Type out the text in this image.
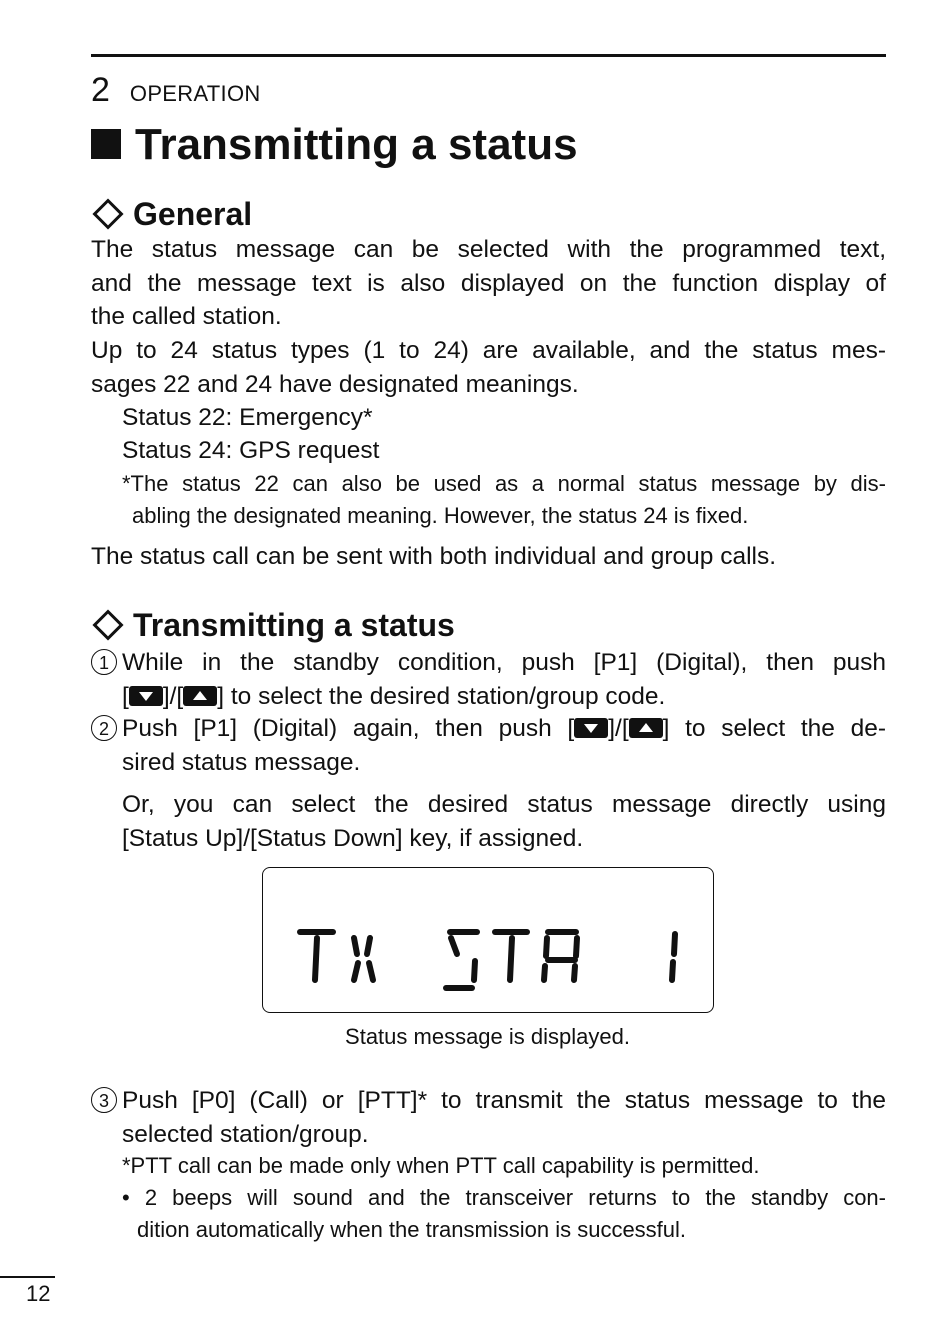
2 OPERATION
Transmitting a status
General
The status message can be selected with the programmed text,
and the message text is also displayed on the function display of
the called station.
Up to 24 status types (1 to 24) are available, and the status mes-
sages 22 and 24 have designated meanings.
Status 22: Emergency*
Status 24: GPS request
*The status 22 can also be used as a normal status message by dis-
abling the designated meaning. However, the status 24 is fixed.
The status call can be sent with both individual and group calls.
Transmitting a status
1 While in the standby condition, push [P1] (Digital), then push
[ ]/[ ] to select the desired station/group code.
2 Push [P1] (Digital) again, then push [ ]/[ ] to select the de-
sired status message.
Or, you can select the desired status message directly using
[Status Up]/[Status Down] key, if assigned.
Status message is displayed.
3 Push [P0] (Call) or [PTT]* to transmit the status message to the
selected station/group.
*PTT call can be made only when PTT call capability is permitted.
• 2 beeps will sound and the transceiver returns to the standby con-
dition automatically when the transmission is successful.
12
